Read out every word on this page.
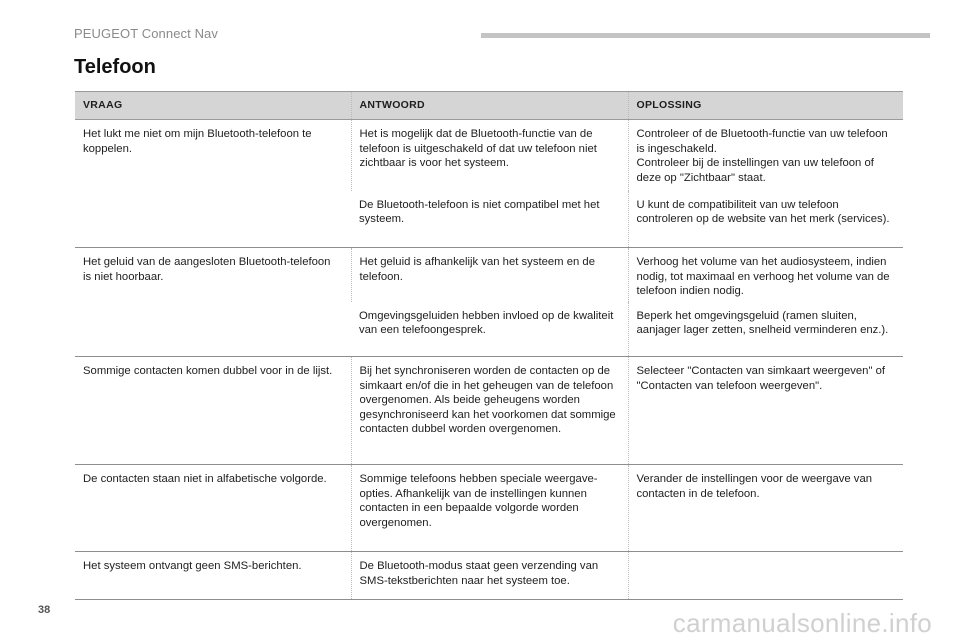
PEUGEOT Connect Nav
Telefoon
VRAAG	ANTWOORD	OPLOSSING
Het lukt me niet om mijn Bluetooth-telefoon te koppelen.	Het is mogelijk dat de Bluetooth-functie van de telefoon is uitgeschakeld of dat uw telefoon niet zichtbaar is voor het systeem.	Controleer of de Bluetooth-functie van uw telefoon is ingeschakeld.
Controleer bij de instellingen van uw telefoon of deze op "Zichtbaar" staat.
	De Bluetooth-telefoon is niet compatibel met het systeem.	U kunt de compatibiliteit van uw telefoon controleren op de website van het merk (services).
Het geluid van de aangesloten Bluetooth-telefoon is niet hoorbaar.	Het geluid is afhankelijk van het systeem en de telefoon.	Verhoog het volume van het audiosysteem, indien nodig, tot maximaal en verhoog het volume van de telefoon indien nodig.
	Omgevingsgeluiden hebben invloed op de kwaliteit van een telefoongesprek.	Beperk het omgevingsgeluid (ramen sluiten, aanjager lager zetten, snelheid verminderen enz.).
Sommige contacten komen dubbel voor in de lijst.	Bij het synchroniseren worden de contacten op de simkaart en/of die in het geheugen van de telefoon overgenomen. Als beide geheugens worden gesynchroniseerd kan het voorkomen dat sommige contacten dubbel worden overgenomen.	Selecteer "Contacten van simkaart weergeven" of "Contacten van telefoon weergeven".
De contacten staan niet in alfabetische volgorde.	Sommige telefoons hebben speciale weergave-opties. Afhankelijk van de instellingen kunnen contacten in een bepaalde volgorde worden overgenomen.	Verander de instellingen voor de weergave van contacten in de telefoon.
Het systeem ontvangt geen SMS-berichten.	De Bluetooth-modus staat geen verzending van SMS-tekstberichten naar het systeem toe.	
38	carmanualsonline.info
